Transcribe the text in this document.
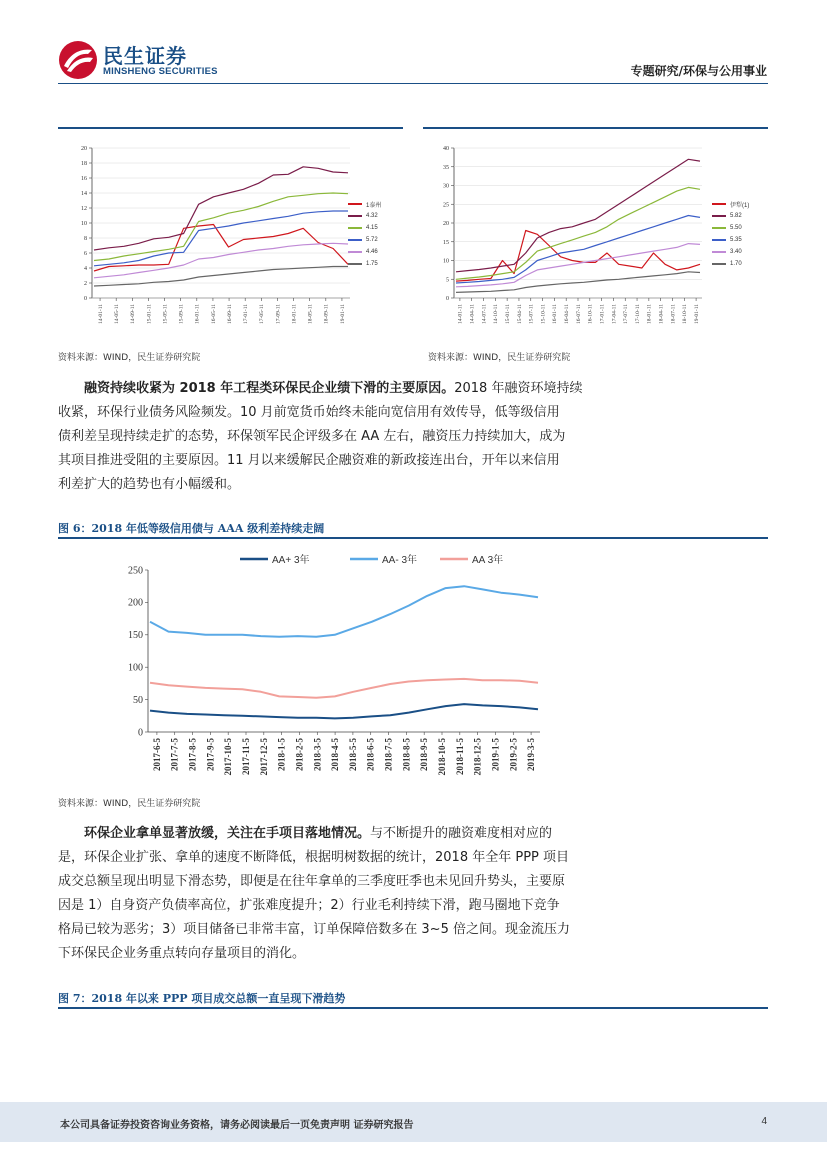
民生证券
MINSHENG SECURITIES	专题研究/环保与公用事业
0
2
4
6
8
10
12
14
16
18
20
14-01-11 14-05-11 14-09-11 15-01-11 15-05-11 15-09-11 16-01-11 16-05-11 16-09-11 17-01-11 17-05-11 17-09-11 18-01-11 18-05-11 18-09-11 19-01-11
1泰州
4.32
4.15
5.72
4.46
1.75
0
5
10
15
20
25
30
35
40
14-01-11 14-04-11 14-07-11 14-10-11 15-01-11 15-04-11 15-07-11 15-10-11 16-01-11 16-04-11 16-07-11 16-10-11 17-01-11 17-04-11 17-07-11 17-10-11 18-01-11 18-04-11 18-07-11 18-10-11 19-01-11
伊犁(1)
5.82
5.50
5.35
3.40
1.70
资料来源：WIND，民生证券研究院	资料来源：WIND，民生证券研究院
融资持续收紧为 2018 年工程类环保民企业绩下滑的主要原因。2018 年融资环境持续
收紧，环保行业债务风险频发。10 月前宽货币始终未能向宽信用有效传导，低等级信用
债利差呈现持续走扩的态势，环保领军民企评级多在 AA 左右，融资压力持续加大，成为
其项目推进受阻的主要原因。11 月以来缓解民企融资难的新政接连出台，开年以来信用
利差扩大的趋势也有小幅缓和。
图 6：2018 年低等级信用债与 AAA 级利差持续走阔
0
50
100
150
200
250
2017-6-5 2017-7-5 2017-8-5 2017-9-5 2017-10-5 2017-11-5 2017-12-5 2018-1-5 2018-2-5 2018-3-5 2018-4-5 2018-5-5 2018-6-5 2018-7-5 2018-8-5 2018-9-5 2018-10-5 2018-11-5 2018-12-5 2019-1-5 2019-2-5 2019-3-5
AA+ 3年	AA- 3年	AA 3年
资料来源：WIND，民生证券研究院
环保企业拿单显著放缓，关注在手项目落地情况。与不断提升的融资难度相对应的
是，环保企业扩张、拿单的速度不断降低，根据明树数据的统计，2018 年全年 PPP 项目
成交总额呈现出明显下滑态势，即便是在往年拿单的三季度旺季也未见回升势头，主要原
因是 1）自身资产负债率高位，扩张难度提升；2）行业毛利持续下滑，跑马圈地下竞争
格局已较为恶劣；3）项目储备已非常丰富，订单保障倍数多在 3~5 倍之间。现金流压力
下环保民企业务重点转向存量项目的消化。
图 7：2018 年以来 PPP 项目成交总额一直呈现下滑趋势
本公司具备证券投资咨询业务资格，请务必阅读最后一页免责声明 证券研究报告	4
